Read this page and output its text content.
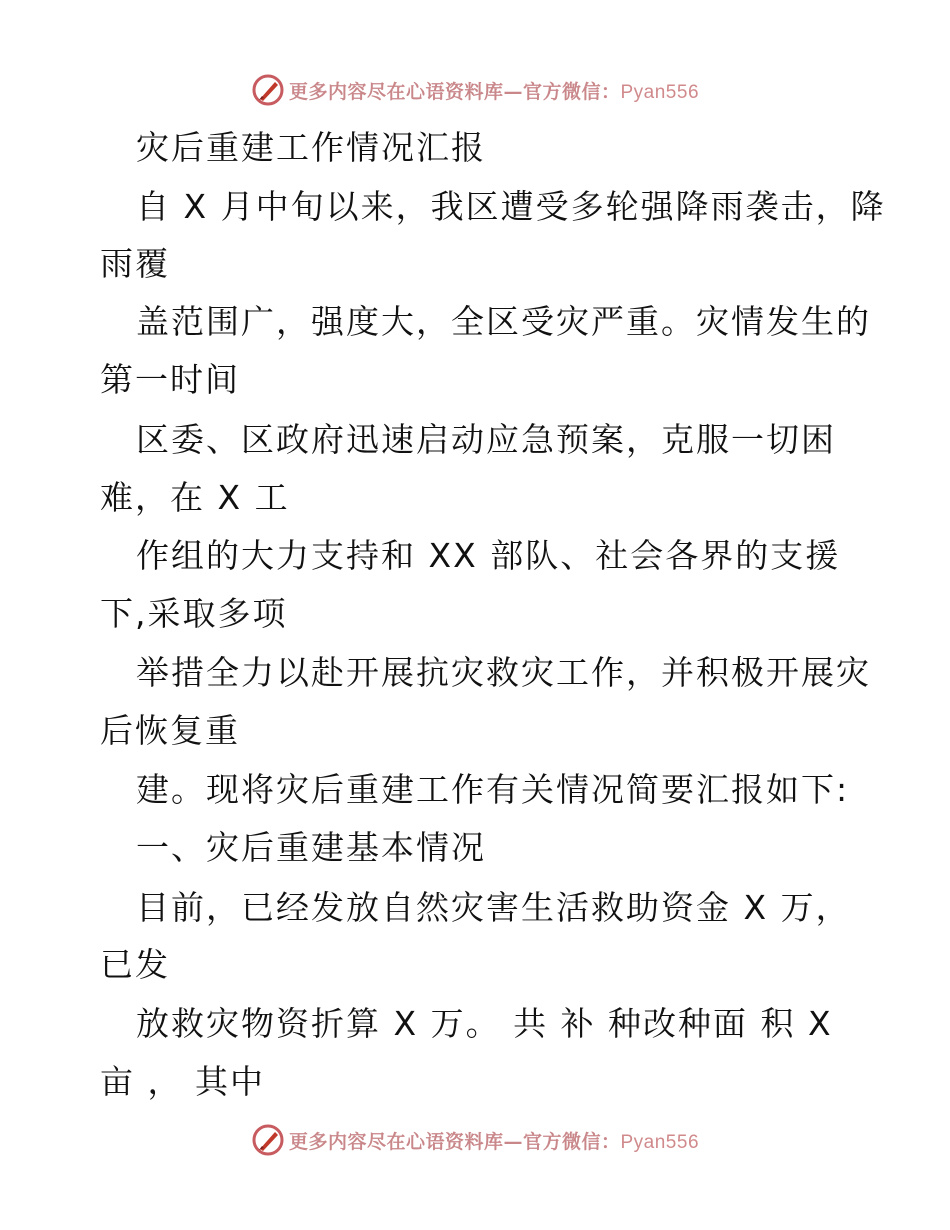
更多内容尽在心语资料库—官方微信：Pyan556
灾后重建工作情况汇报
自 X 月中旬以来，我区遭受多轮强降雨袭击，降
雨覆
盖范围广，强度大，全区受灾严重。灾情发生的
第一时间
区委、区政府迅速启动应急预案，克服一切困
难，在 X 工
作组的大力支持和 XX 部队、社会各界的支援
下,采取多项
举措全力以赴开展抗灾救灾工作，并积极开展灾
后恢复重
建。现将灾后重建工作有关情况简要汇报如下:
一、灾后重建基本情况
目前，已经发放自然灾害生活救助资金 X 万，
已发
放救灾物资折算 X 万。 共 补 种改种面 积 X
亩 ， 其中
更多内容尽在心语资料库—官方微信：Pyan556
